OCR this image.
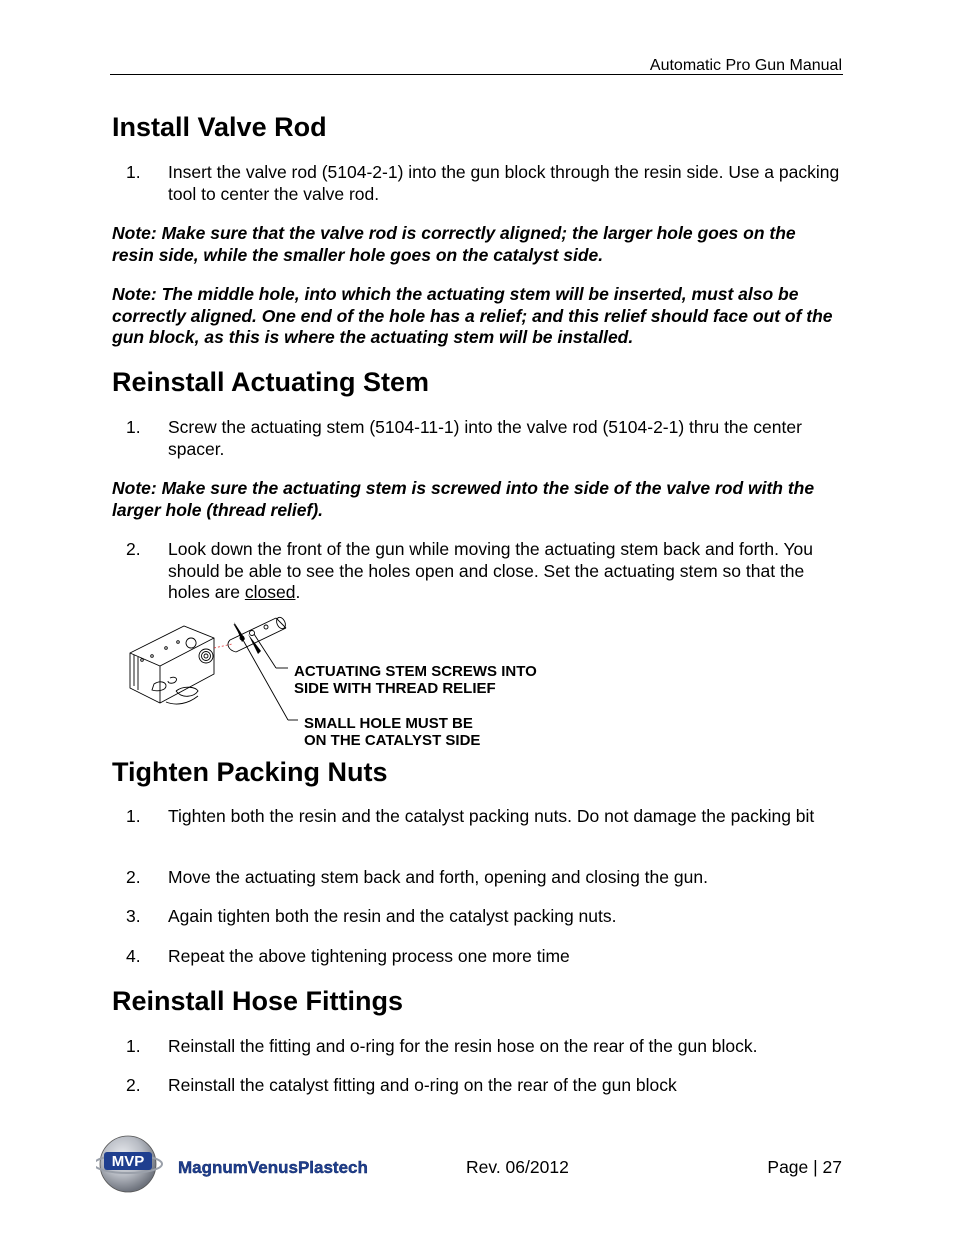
Automatic Pro Gun Manual
Install Valve Rod
1. Insert the valve rod (5104-2-1) into the gun block through the resin side. Use a packing tool to center the valve rod.
Note: Make sure that the valve rod is correctly aligned; the larger hole goes on the resin side, while the smaller hole goes on the catalyst side.
Note: The middle hole, into which the actuating stem will be inserted, must also be correctly aligned. One end of the hole has a relief; and this relief should face out of the gun block, as this is where the actuating stem will be installed.
Reinstall Actuating Stem
1. Screw the actuating stem (5104-11-1) into the valve rod (5104-2-1) thru the center spacer.
Note: Make sure the actuating stem is screwed into the side of the valve rod with the larger hole (thread relief).
2. Look down the front of the gun while moving the actuating stem back and forth. You should be able to see the holes open and close. Set the actuating stem so that the holes are closed.
ACTUATING STEM SCREWS INTO
SIDE WITH THREAD RELIEF
SMALL HOLE MUST BE
ON THE CATALYST SIDE
Tighten Packing Nuts
1. Tighten both the resin and the catalyst packing nuts. Do not damage the packing bit
2. Move the actuating stem back and forth, opening and closing the gun.
3. Again tighten both the resin and the catalyst packing nuts.
4. Repeat the above tightening process one more time
Reinstall Hose Fittings
1. Reinstall the fitting and o-ring for the resin hose on the rear of the gun block.
2. Reinstall the catalyst fitting and o-ring on the rear of the gun block
MVP MagnumVenusPlastech	Rev. 06/2012	Page | 27
